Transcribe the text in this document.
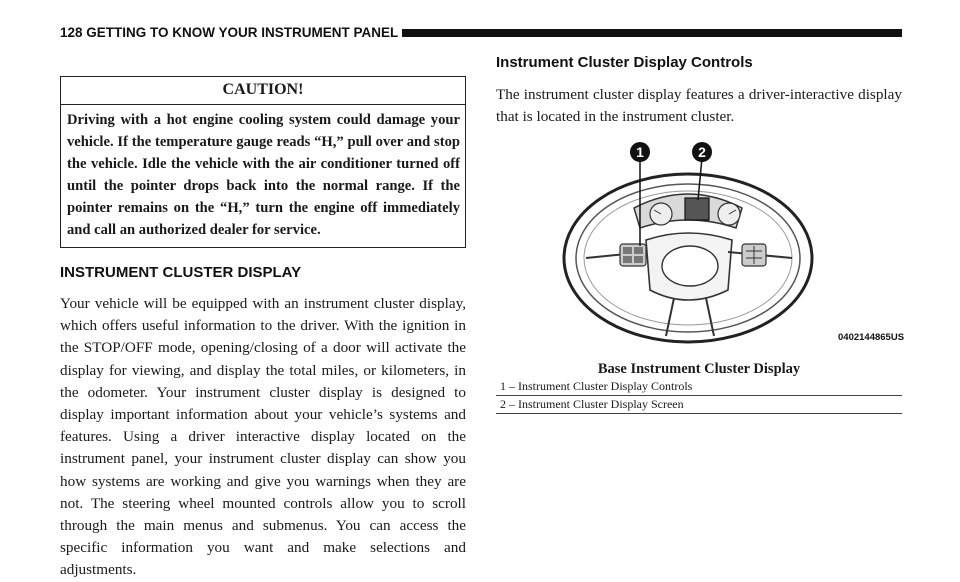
128 GETTING TO KNOW YOUR INSTRUMENT PANEL
CAUTION!
Driving with a hot engine cooling system could damage your vehicle. If the temperature gauge reads “H,” pull over and stop the vehicle. Idle the vehicle with the air conditioner turned off until the pointer drops back into the normal range. If the pointer remains on the “H,” turn the engine off immediately and call an authorized dealer for service.
INSTRUMENT CLUSTER DISPLAY
Your vehicle will be equipped with an instrument cluster display, which offers useful information to the driver. With the ignition in the STOP/OFF mode, opening/closing of a door will activate the display for viewing, and display the total miles, or kilometers, in the odometer. Your instrument cluster display is designed to display important information about your vehicle’s systems and features. Using a driver interactive display located on the instrument panel, your instrument cluster display can show you how systems are working and give you warnings when they are not. The steering wheel mounted controls allow you to scroll through the main menus and submenus. You can access the specific information you want and make selections and adjustments.
Instrument Cluster Display Controls
The instrument cluster display features a driver-interactive display that is located in the instrument cluster.
1	2
0402144865US
Base Instrument Cluster Display
1 – Instrument Cluster Display Controls
2 – Instrument Cluster Display Screen
